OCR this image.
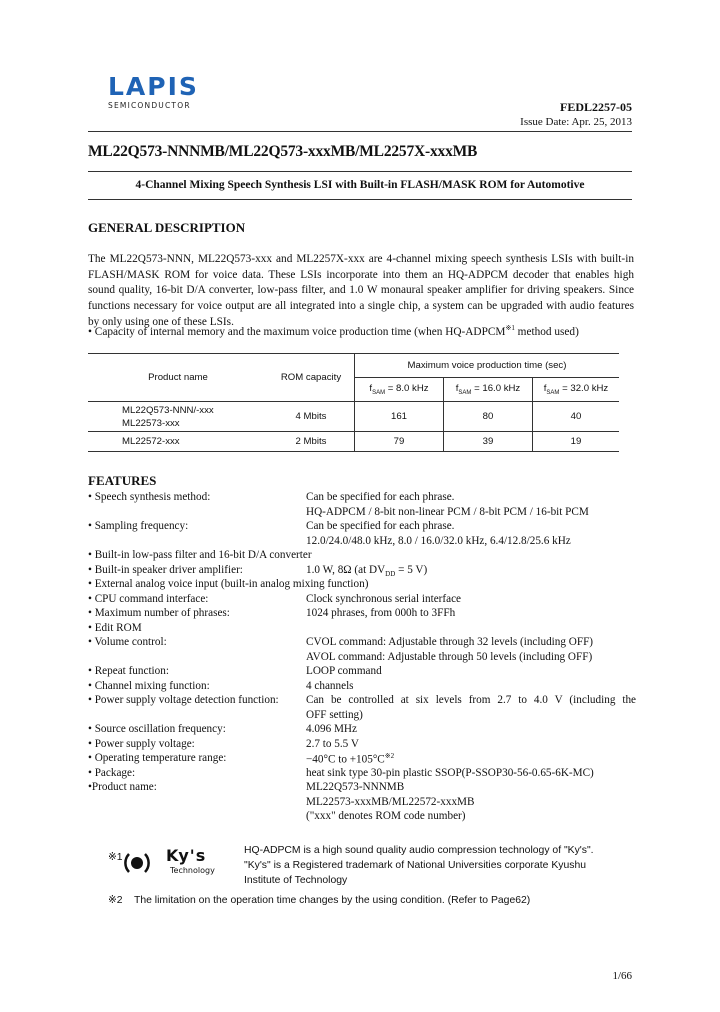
LAPIS
SEMICONDUCTOR	FEDL2257-05
Issue Date: Apr. 25, 2013
ML22Q573-NNNMB/ML22Q573-xxxMB/ML2257X-xxxMB
4-Channel Mixing Speech Synthesis LSI with Built-in FLASH/MASK ROM for Automotive
GENERAL DESCRIPTION
The ML22Q573-NNN, ML22Q573-xxx and ML2257X-xxx are 4-channel mixing speech synthesis LSIs with built-in FLASH/MASK ROM for voice data. These LSIs incorporate into them an HQ-ADPCM decoder that enables high sound quality, 16-bit D/A converter, low-pass filter, and 1.0 W monaural speaker amplifier for driving speakers. Since functions necessary for voice output are all integrated into a single chip, a system can be upgraded with audio features by only using one of these LSIs.
• Capacity of internal memory and the maximum voice production time (when HQ-ADPCM$^{※1}$ method used)
Product name	ROM capacity	Maximum voice production time (sec)		
		$f_{SAM} = 8.0$ kHz	$f_{SAM} = 16.0$ kHz	$f_{SAM} = 32.0$ kHz

ML22Q573-NNN/-xxx
ML22573-xxx	4 Mbits	161	80	40
ML22572-xxx	2 Mbits	79	39	19
FEATURES
• Speech synthesis method:	Can be specified for each phrase.
HQ-ADPCM / 8-bit non-linear PCM / 8-bit PCM / 16-bit PCM
• Sampling frequency:	Can be specified for each phrase.
12.0/24.0/48.0 kHz, 8.0 / 16.0/32.0 kHz, 6.4/12.8/25.6 kHz
• Built-in low-pass filter and 16-bit D/A converter
• Built-in speaker driver amplifier:	1.0 W, 8Ω (at $DV_{DD} = 5$ V)
• External analog voice input (built-in analog mixing function)
• CPU command interface:	Clock synchronous serial interface
• Maximum number of phrases:	1024 phrases, from 000h to 3FFh
• Edit ROM
• Volume control:	CVOL command: Adjustable through 32 levels (including OFF)
AVOL command: Adjustable through 50 levels (including OFF)
• Repeat function:	LOOP command
• Channel mixing function:	4 channels
• Power supply voltage detection function: Can be controlled at six levels from 2.7 to 4.0 V (including the
OFF setting)
• Source oscillation frequency:	4.096 MHz
• Power supply voltage:	2.7 to 5.5 V
• Operating temperature range:	−40°C to $+105^\circ C^{※2}$
• Package:	heat sink type 30-pin plastic SSOP(P-SSOP30-56-0.65-6K-MC)
•Product name:	ML22Q573-NNNMB
ML22573-xxxMB/ML22572-xxxMB
("xxx" denotes ROM code number)
※1	Ky's
Technology
HQ-ADPCM is a high sound quality audio compression technology of "Ky's".
"Ky's" is a Registered trademark of National Universities corporate Kyushu
Institute of Technology
※2 The limitation on the operation time changes by the using condition. (Refer to Page62)
1/66
